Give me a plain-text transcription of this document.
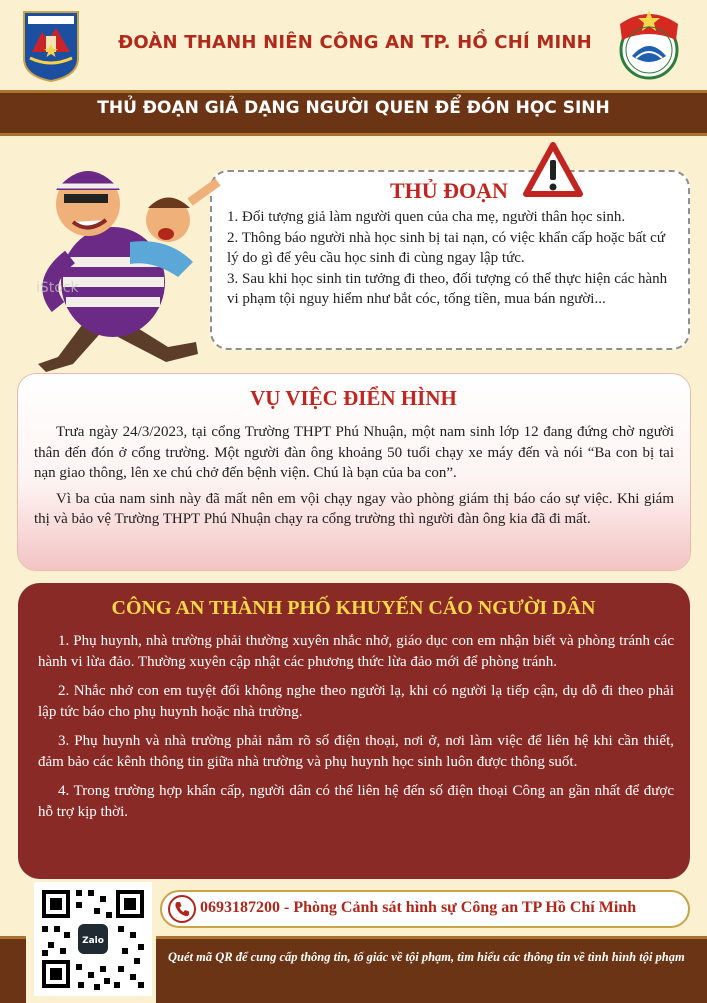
ĐOÀN THANH NIÊN CÔNG AN TP. HỒ CHÍ MINH
THỦ ĐOẠN GIẢ DẠNG NGƯỜI QUEN ĐỂ ĐÓN HỌC SINH
iStock
THỦ ĐOẠN
1. Đối tượng giả làm người quen của cha mẹ, người thân học sinh.
2. Thông báo người nhà học sinh bị tai nạn, có việc khẩn cấp hoặc bất cứ lý do gì để yêu cầu học sinh đi cùng ngay lập tức.
3. Sau khi học sinh tin tưởng đi theo, đối tượng có thể thực hiện các hành vi phạm tội nguy hiểm như bắt cóc, tống tiền, mua bán người...
VỤ VIỆC ĐIỂN HÌNH

Trưa ngày 24/3/2023, tại cổng Trường THPT Phú Nhuận, một nam sinh lớp 12 đang đứng chờ người thân đến đón ở cổng trường. Một người đàn ông khoảng 50 tuổi chạy xe máy đến và nói “Ba con bị tai nạn giao thông, lên xe chú chở đến bệnh viện. Chú là bạn của ba con”.

Vì ba của nam sinh này đã mất nên em vội chạy ngay vào phòng giám thị báo cáo sự việc. Khi giám thị và bảo vệ Trường THPT Phú Nhuận chạy ra cổng trường thì người đàn ông kia đã đi mất.

CÔNG AN THÀNH PHỐ KHUYẾN CÁO NGƯỜI DÂN

1. Phụ huynh, nhà trường phải thường xuyên nhắc nhở, giáo dục con em nhận biết và phòng tránh các hành vi lừa đảo. Thường xuyên cập nhật các phương thức lừa đảo mới để phòng tránh.

2. Nhắc nhở con em tuyệt đối không nghe theo người lạ, khi có người lạ tiếp cận, dụ dỗ đi theo phải lập tức báo cho phụ huynh hoặc nhà trường.

3. Phụ huynh và nhà trường phải nắm rõ số điện thoại, nơi ở, nơi làm việc để liên hệ khi cần thiết, đảm bảo các kênh thông tin giữa nhà trường và phụ huynh học sinh luôn được thông suốt.

4. Trong trường hợp khẩn cấp, người dân có thể liên hệ đến số điện thoại Công an gần nhất để được hỗ trợ kịp thời.

Zalo
0693187200 - Phòng Cảnh sát hình sự Công an TP Hồ Chí Minh
Quét mã QR để cung cấp thông tin, tố giác về tội phạm, tìm hiểu các thông tin về tình hình tội phạm
